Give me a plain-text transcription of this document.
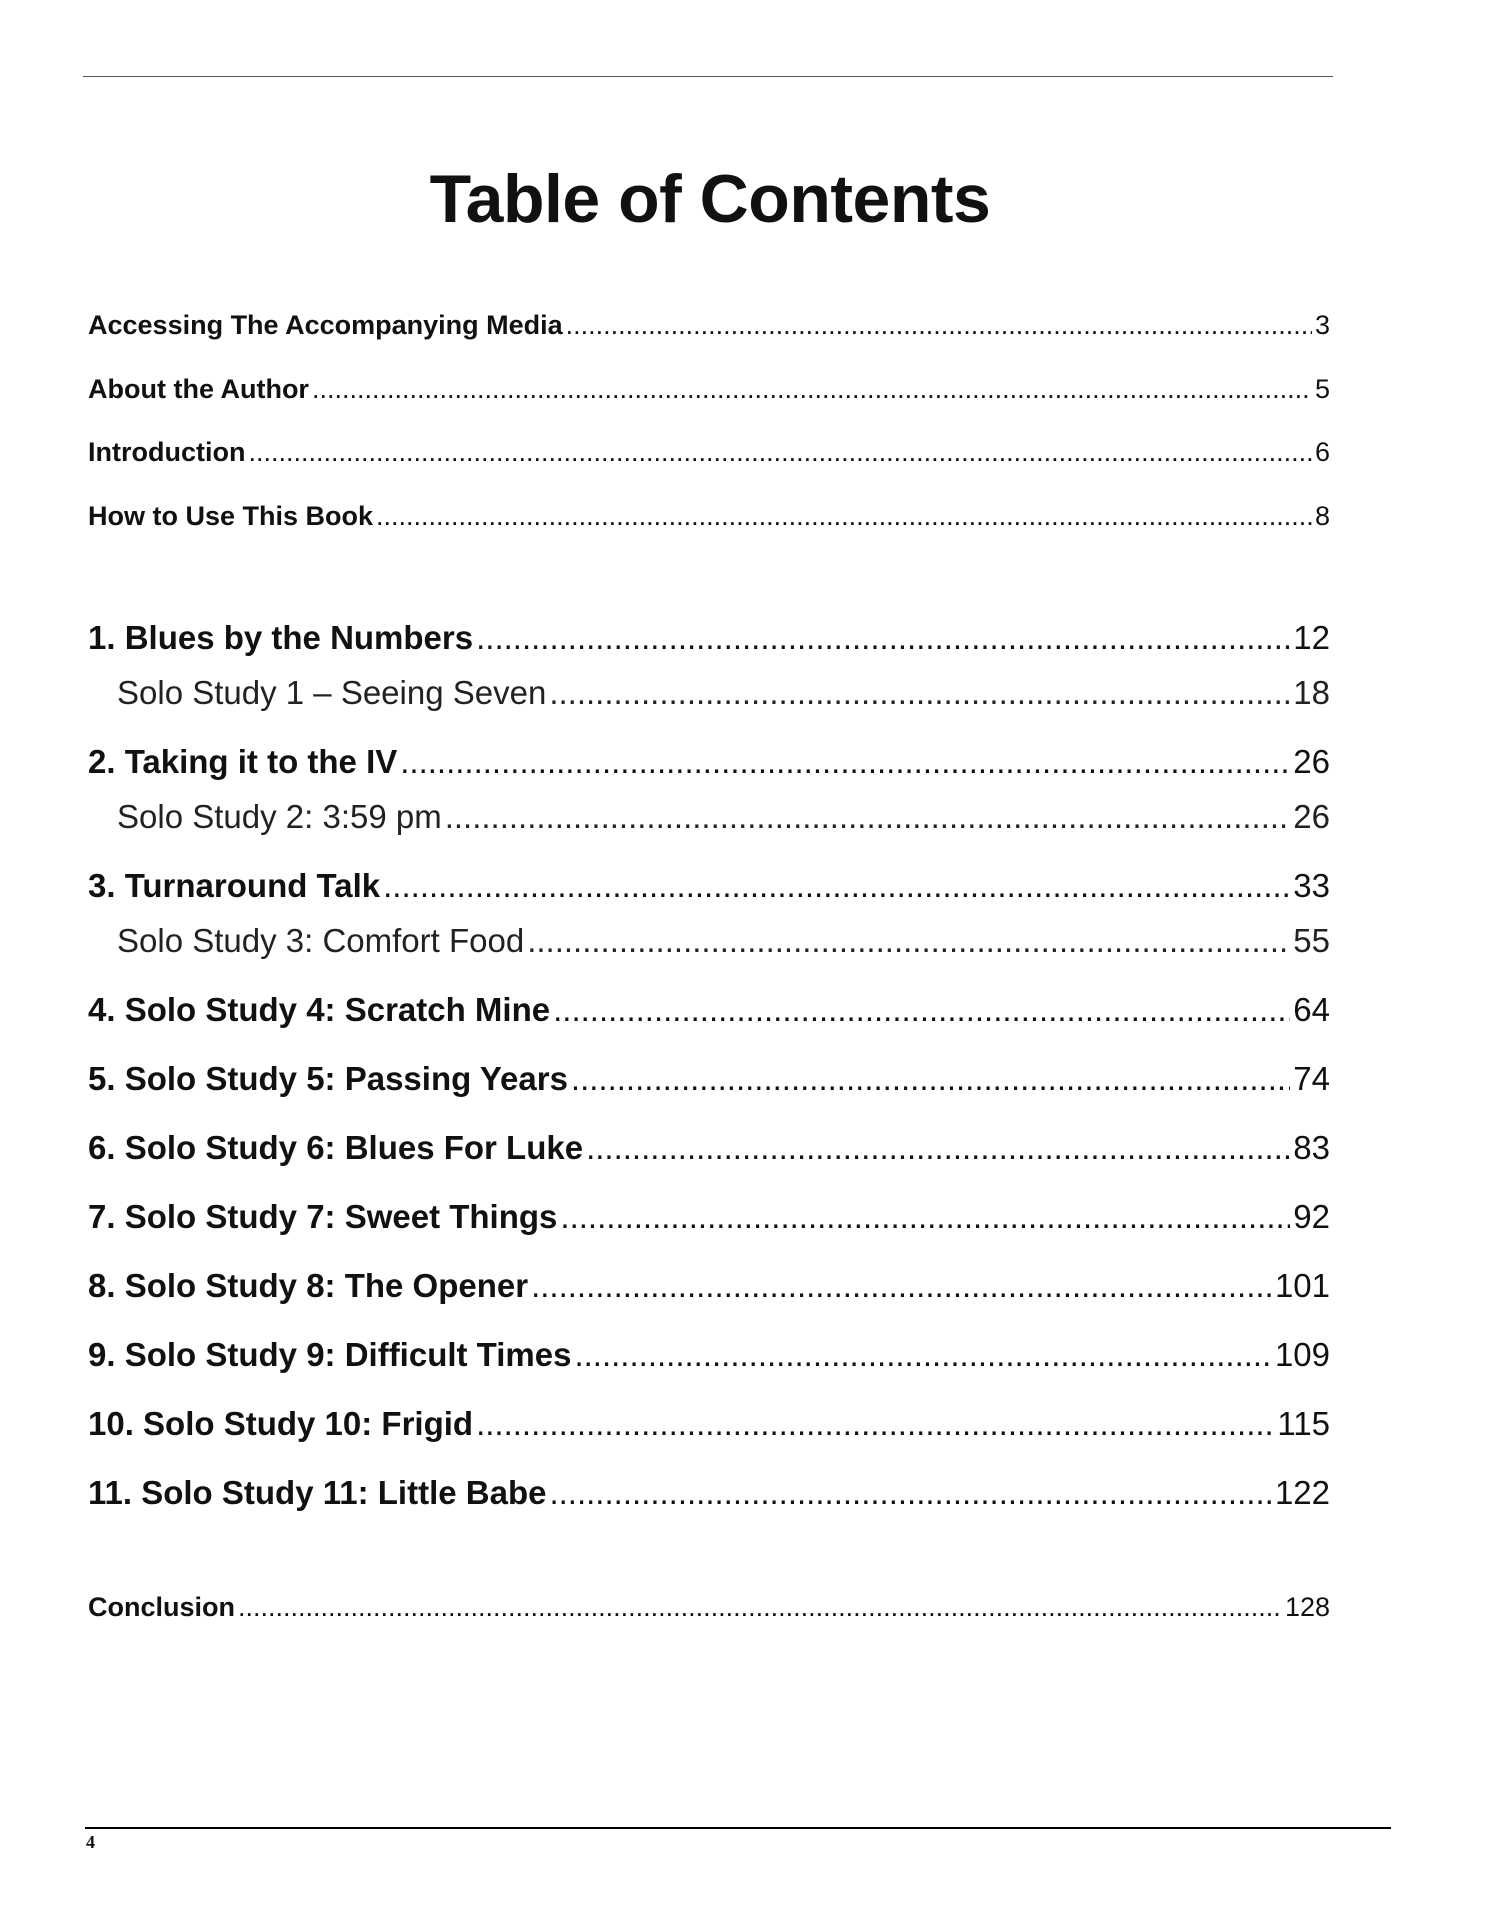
Table of Contents
Accessing The Accompanying Media .....	3
About the Author .....	5
Introduction .....	6
How to Use This Book .....	8
1. Blues by the Numbers .....	12
Solo Study 1 – Seeing Seven .....	18
2. Taking it to the IV .....	26
Solo Study 2: 3:59 pm .....	26
3. Turnaround Talk .....	33
Solo Study 3: Comfort Food .....	55
4. Solo Study 4: Scratch Mine .....	64
5. Solo Study 5: Passing Years .....	74
6. Solo Study 6: Blues For Luke .....	83
7. Solo Study 7: Sweet Things .....	92
8. Solo Study 8: The Opener .....	101
9. Solo Study 9: Difficult Times .....	109
10. Solo Study 10: Frigid .....	115
11. Solo Study 11: Little Babe .....	122
Conclusion .....	128
4
